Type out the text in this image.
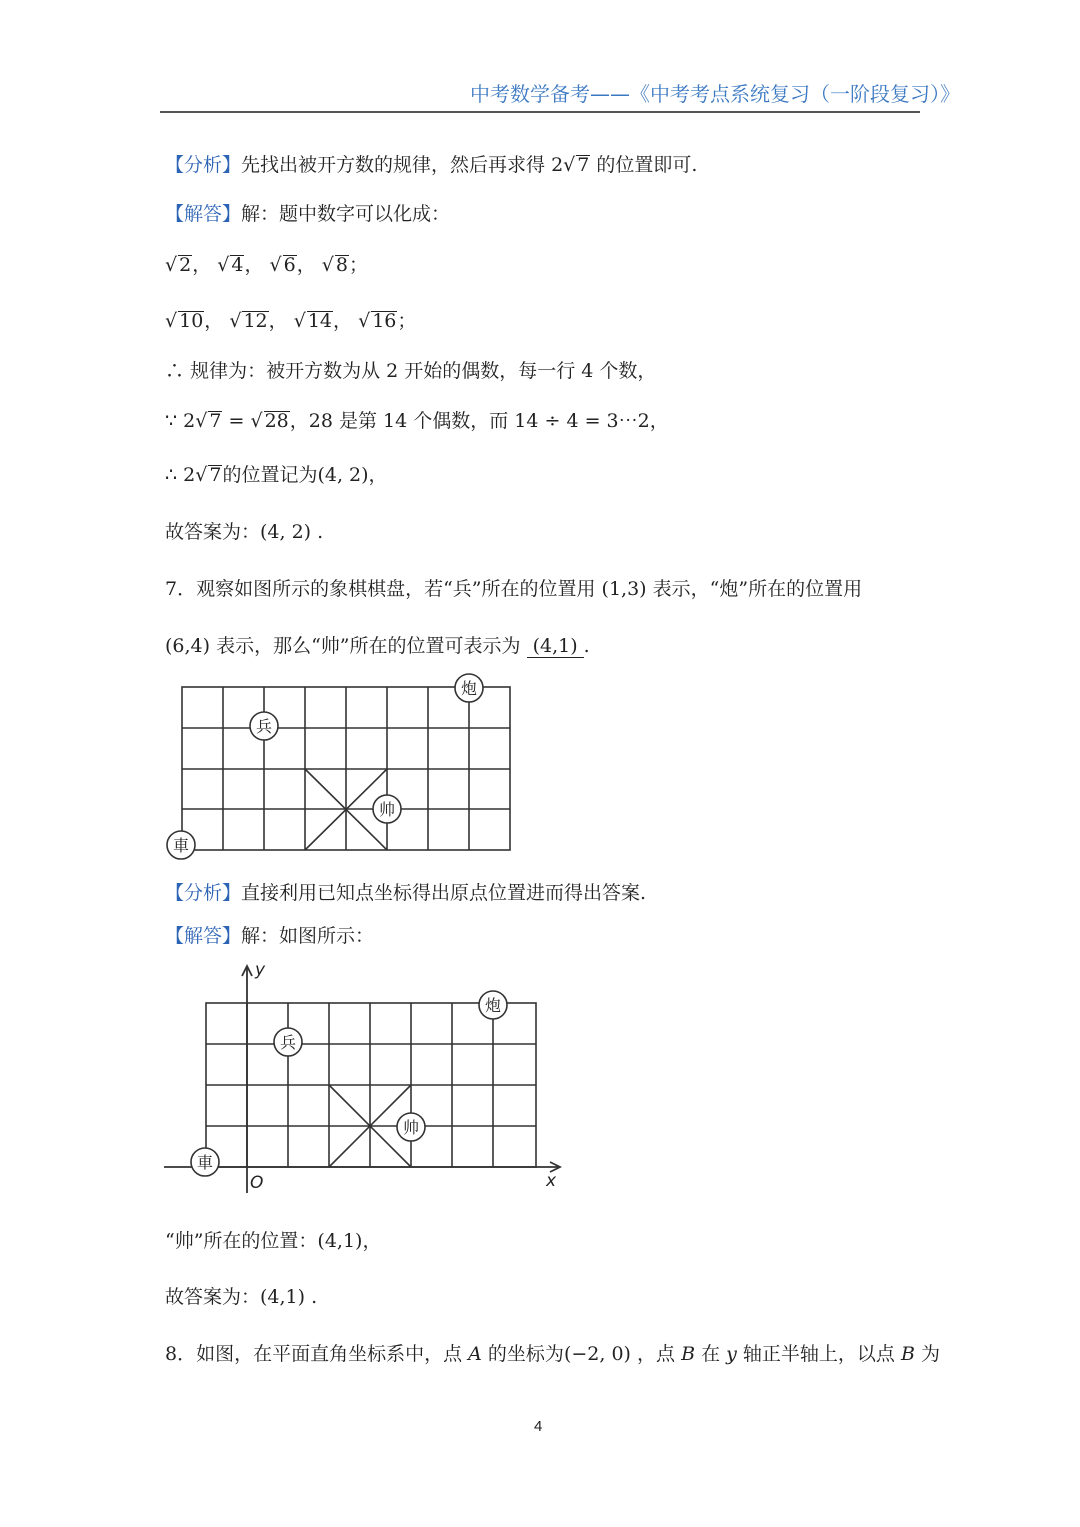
中考数学备考——《中考考点系统复习（一阶段复习）》
【分析】先找出被开方数的规律，然后再求得 2√ 7 的位置即可.
【解答】解：题中数字可以化成：
√ 2， √ 4， √ 6， √ 8；
√ 10， √ 12， √ 14， √ 16；
∴ 规律为：被开方数为从 2 开始的偶数，每一行 4 个数，
∵ 2√ 7 = √ 28，28 是第 14 个偶数，而 14 ÷ 4 = 3⋯2，
∴ 2√ 7的位置记为(4, 2)，
故答案为：(4, 2) .
7．观察如图所示的象棋棋盘，若“兵”所在的位置用 (1,3) 表示，“炮”所在的位置用
(6,4) 表示，那么“帅”所在的位置可表示为 (4,1) .
兵
炮
帅
車
【分析】直接利用已知点坐标得出原点位置进而得出答案.
【解答】解：如图所示：
y
x
O
兵
炮
帅
車
“帅”所在的位置：(4,1)，
故答案为：(4,1) .
8．如图，在平面直角坐标系中，点 A 的坐标为(−2, 0) ，点 B 在 y 轴正半轴上，以点 B 为
4
